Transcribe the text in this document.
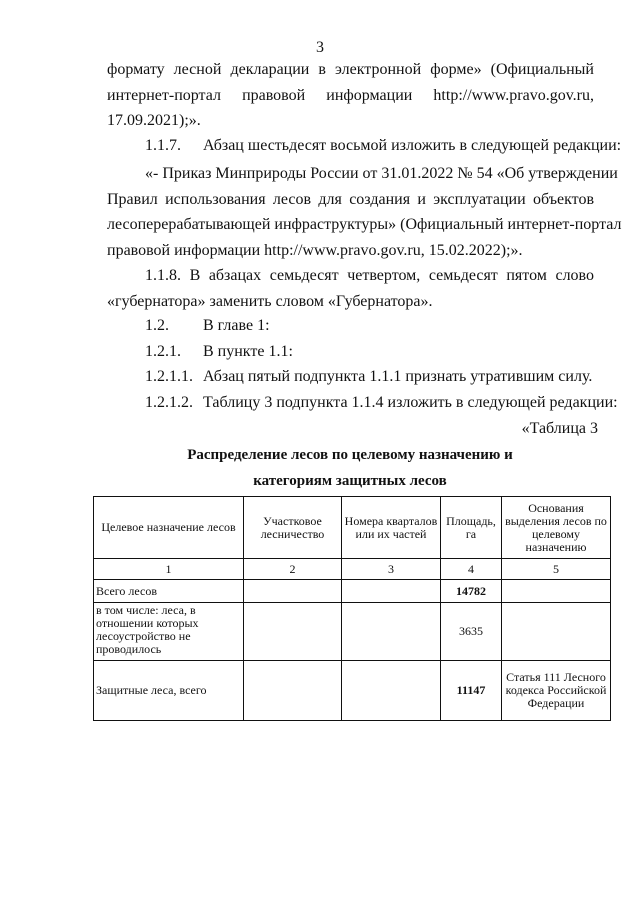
3
формату лесной декларации в электронной форме» (Официальный
интернет-портал правовой информации http://www.pravo.gov.ru,
17.09.2021);».
1.1.7. Абзац шестьдесят восьмой изложить в следующей редакции:
«- Приказ Минприроды России от 31.01.2022 № 54 «Об утверждении
Правил использования лесов для создания и эксплуатации объектов
лесоперерабатывающей инфраструктуры» (Официальный интернет-портал
правовой информации http://www.pravo.gov.ru, 15.02.2022);».
1.1.8. В абзацах семьдесят четвертом, семьдесят пятом слово
«губернатора» заменить словом «Губернатора».
1.2. В главе 1:
1.2.1. В пункте 1.1:
1.2.1.1. Абзац пятый подпункта 1.1.1 признать утратившим силу.
1.2.1.2. Таблицу 3 подпункта 1.1.4 изложить в следующей редакции:
«Таблица 3
Распределение лесов по целевому назначению и
категориям защитных лесов
Целевое назначение лесов	Участковое лесничество	Номера кварталов или их частей	Площадь, га	Основания выделения лесов по целевому назначению
1	2	3	4	5
Всего лесов			14782	
в том числе: леса, в отношении которых лесоустройство не проводилось			3635	
Защитные леса, всего			11147	Статья 111 Лесного кодекса Российской Федерации
